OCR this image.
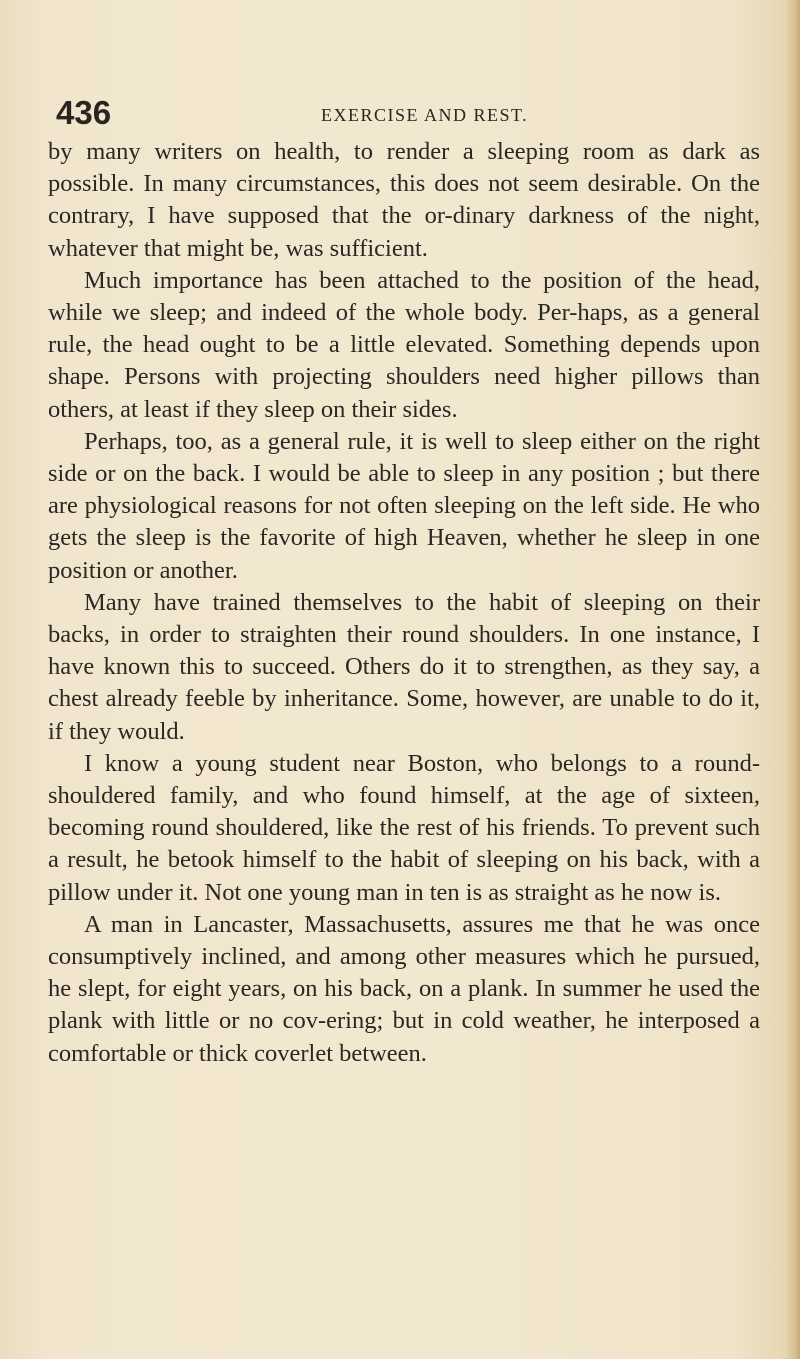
436	EXERCISE AND REST.

by many writers on health, to render a sleeping room as dark as possible. In many circumstances, this does not seem desirable. On the contrary, I have supposed that the or-dinary darkness of the night, whatever that might be, was sufficient.

Much importance has been attached to the position of the head, while we sleep; and indeed of the whole body. Per-haps, as a general rule, the head ought to be a little elevated. Something depends upon shape. Persons with projecting shoulders need higher pillows than others, at least if they sleep on their sides.

Perhaps, too, as a general rule, it is well to sleep either on the right side or on the back. I would be able to sleep in any position ; but there are physiological reasons for not often sleeping on the left side. He who gets the sleep is the favorite of high Heaven, whether he sleep in one position or another.

Many have trained themselves to the habit of sleeping on their backs, in order to straighten their round shoulders. In one instance, I have known this to succeed. Others do it to strengthen, as they say, a chest already feeble by inheritance. Some, however, are unable to do it, if they would.

I know a young student near Boston, who belongs to a round-shouldered family, and who found himself, at the age of sixteen, becoming round shouldered, like the rest of his friends. To prevent such a result, he betook himself to the habit of sleeping on his back, with a pillow under it. Not one young man in ten is as straight as he now is.

A man in Lancaster, Massachusetts, assures me that he was once consumptively inclined, and among other measures which he pursued, he slept, for eight years, on his back, on a plank. In summer he used the plank with little or no cov-ering; but in cold weather, he interposed a comfortable or thick coverlet between.
